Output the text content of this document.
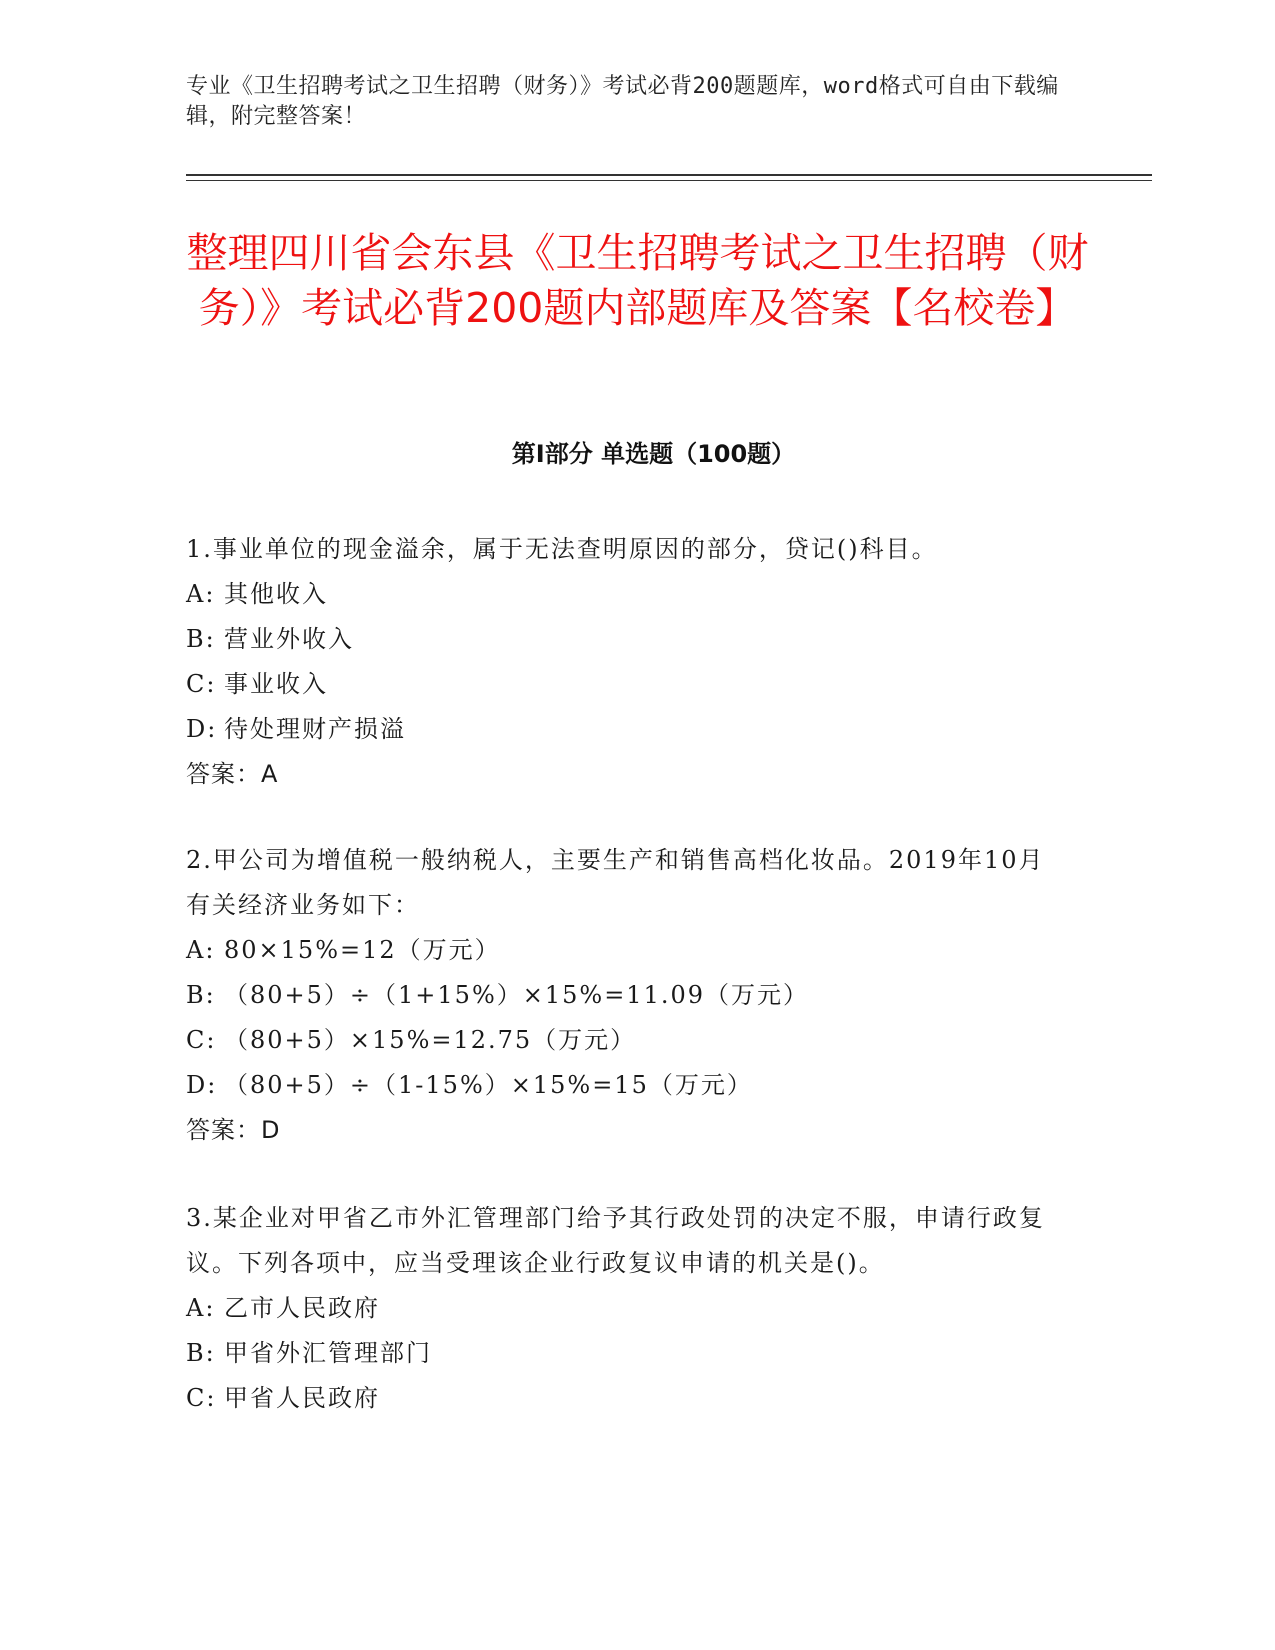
专业《卫生招聘考试之卫生招聘（财务）》考试必背200题题库，word格式可自由下载编辑，附完整答案！
整理四川省会东县《卫生招聘考试之卫生招聘（财务）》考试必背200题内部题库及答案【名校卷】
第Ⅰ部分 单选题（100题）

1.事业单位的现金溢余，属于无法查明原因的部分，贷记()科目。

A: 其他收入

B: 营业外收入

C: 事业收入

D: 待处理财产损溢

答案：A

2.甲公司为增值税一般纳税人，主要生产和销售高档化妆品。2019年10月有关经济业务如下：

A: 80×15%=12（万元）

B: （80+5）÷（1+15%）×15%=11.09（万元）

C: （80+5）×15%=12.75（万元）

D: （80+5）÷（1-15%）×15%=15（万元）

答案：D

3.某企业对甲省乙市外汇管理部门给予其行政处罚的决定不服，申请行政复议。下列各项中，应当受理该企业行政复议申请的机关是()。

A: 乙市人民政府

B: 甲省外汇管理部门

C: 甲省人民政府
